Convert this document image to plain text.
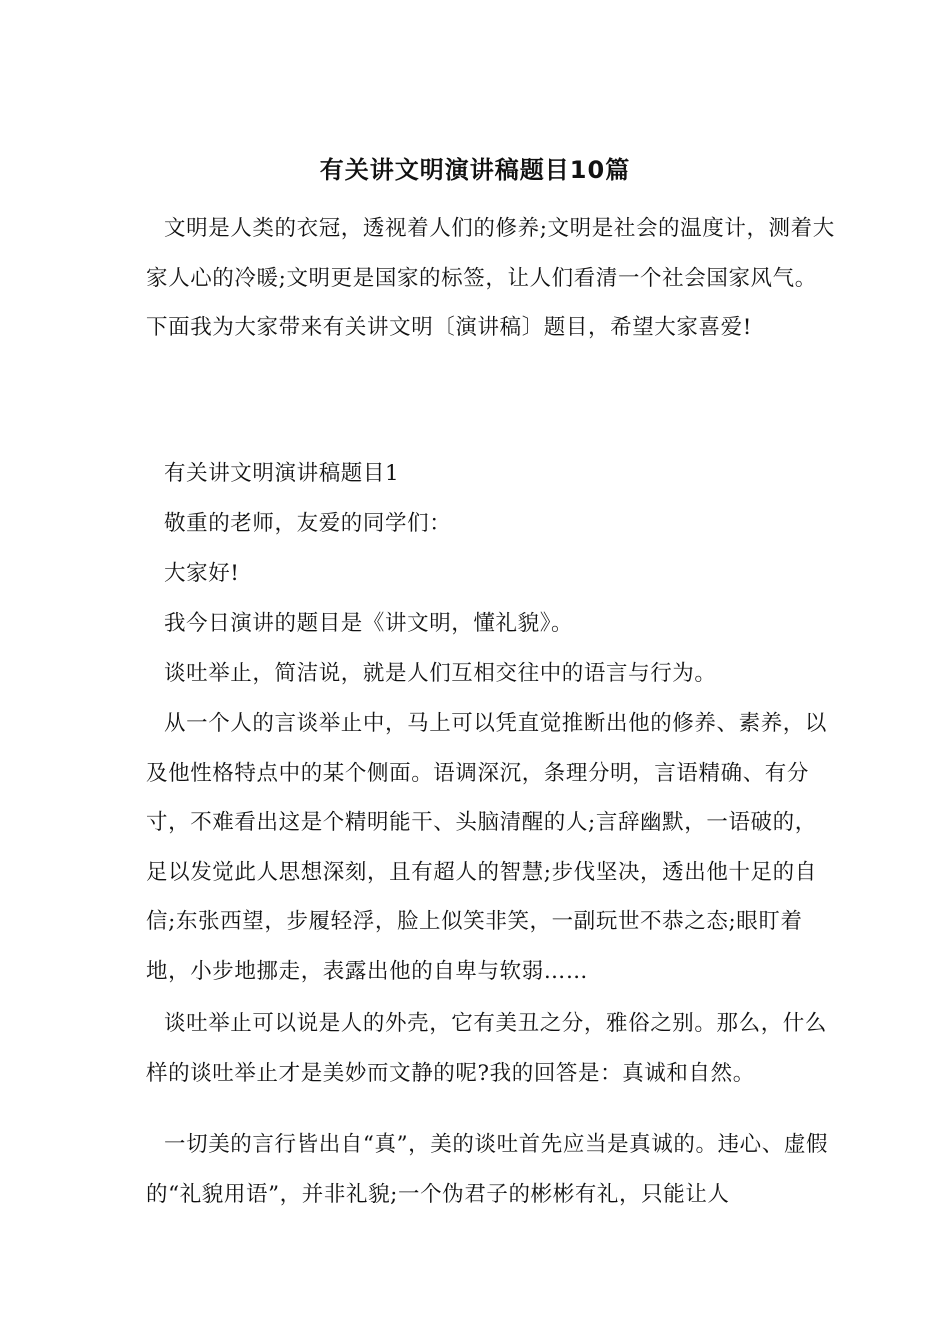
有关讲文明演讲稿题目10篇

文明是人类的衣冠，透视着人们的修养;文明是社会的温度计，测着大家人心的冷暖;文明更是国家的标签，让人们看清一个社会国家风气。下面我为大家带来有关讲文明〔演讲稿〕题目，希望大家喜爱!

有关讲文明演讲稿题目1
敬重的老师，友爱的同学们：
大家好!
我今日演讲的题目是《讲文明，懂礼貌》。
谈吐举止，简洁说，就是人们互相交往中的语言与行为。

从一个人的言谈举止中，马上可以凭直觉推断出他的修养、素养，以及他性格特点中的某个侧面。语调深沉，条理分明，言语精确、有分寸，不难看出这是个精明能干、头脑清醒的人;言辞幽默，一语破的，足以发觉此人思想深刻，且有超人的智慧;步伐坚决，透出他十足的自信;东张西望，步履轻浮，脸上似笑非笑，一副玩世不恭之态;眼盯着地，小步地挪走，表露出他的自卑与软弱……

谈吐举止可以说是人的外壳，它有美丑之分，雅俗之别。那么，什么样的谈吐举止才是美妙而文静的呢?我的回答是：真诚和自然。

一切美的言行皆出自“真”，美的谈吐首先应当是真诚的。违心、虚假的“礼貌用语”，并非礼貌;一个伪君子的彬彬有礼，只能让人
